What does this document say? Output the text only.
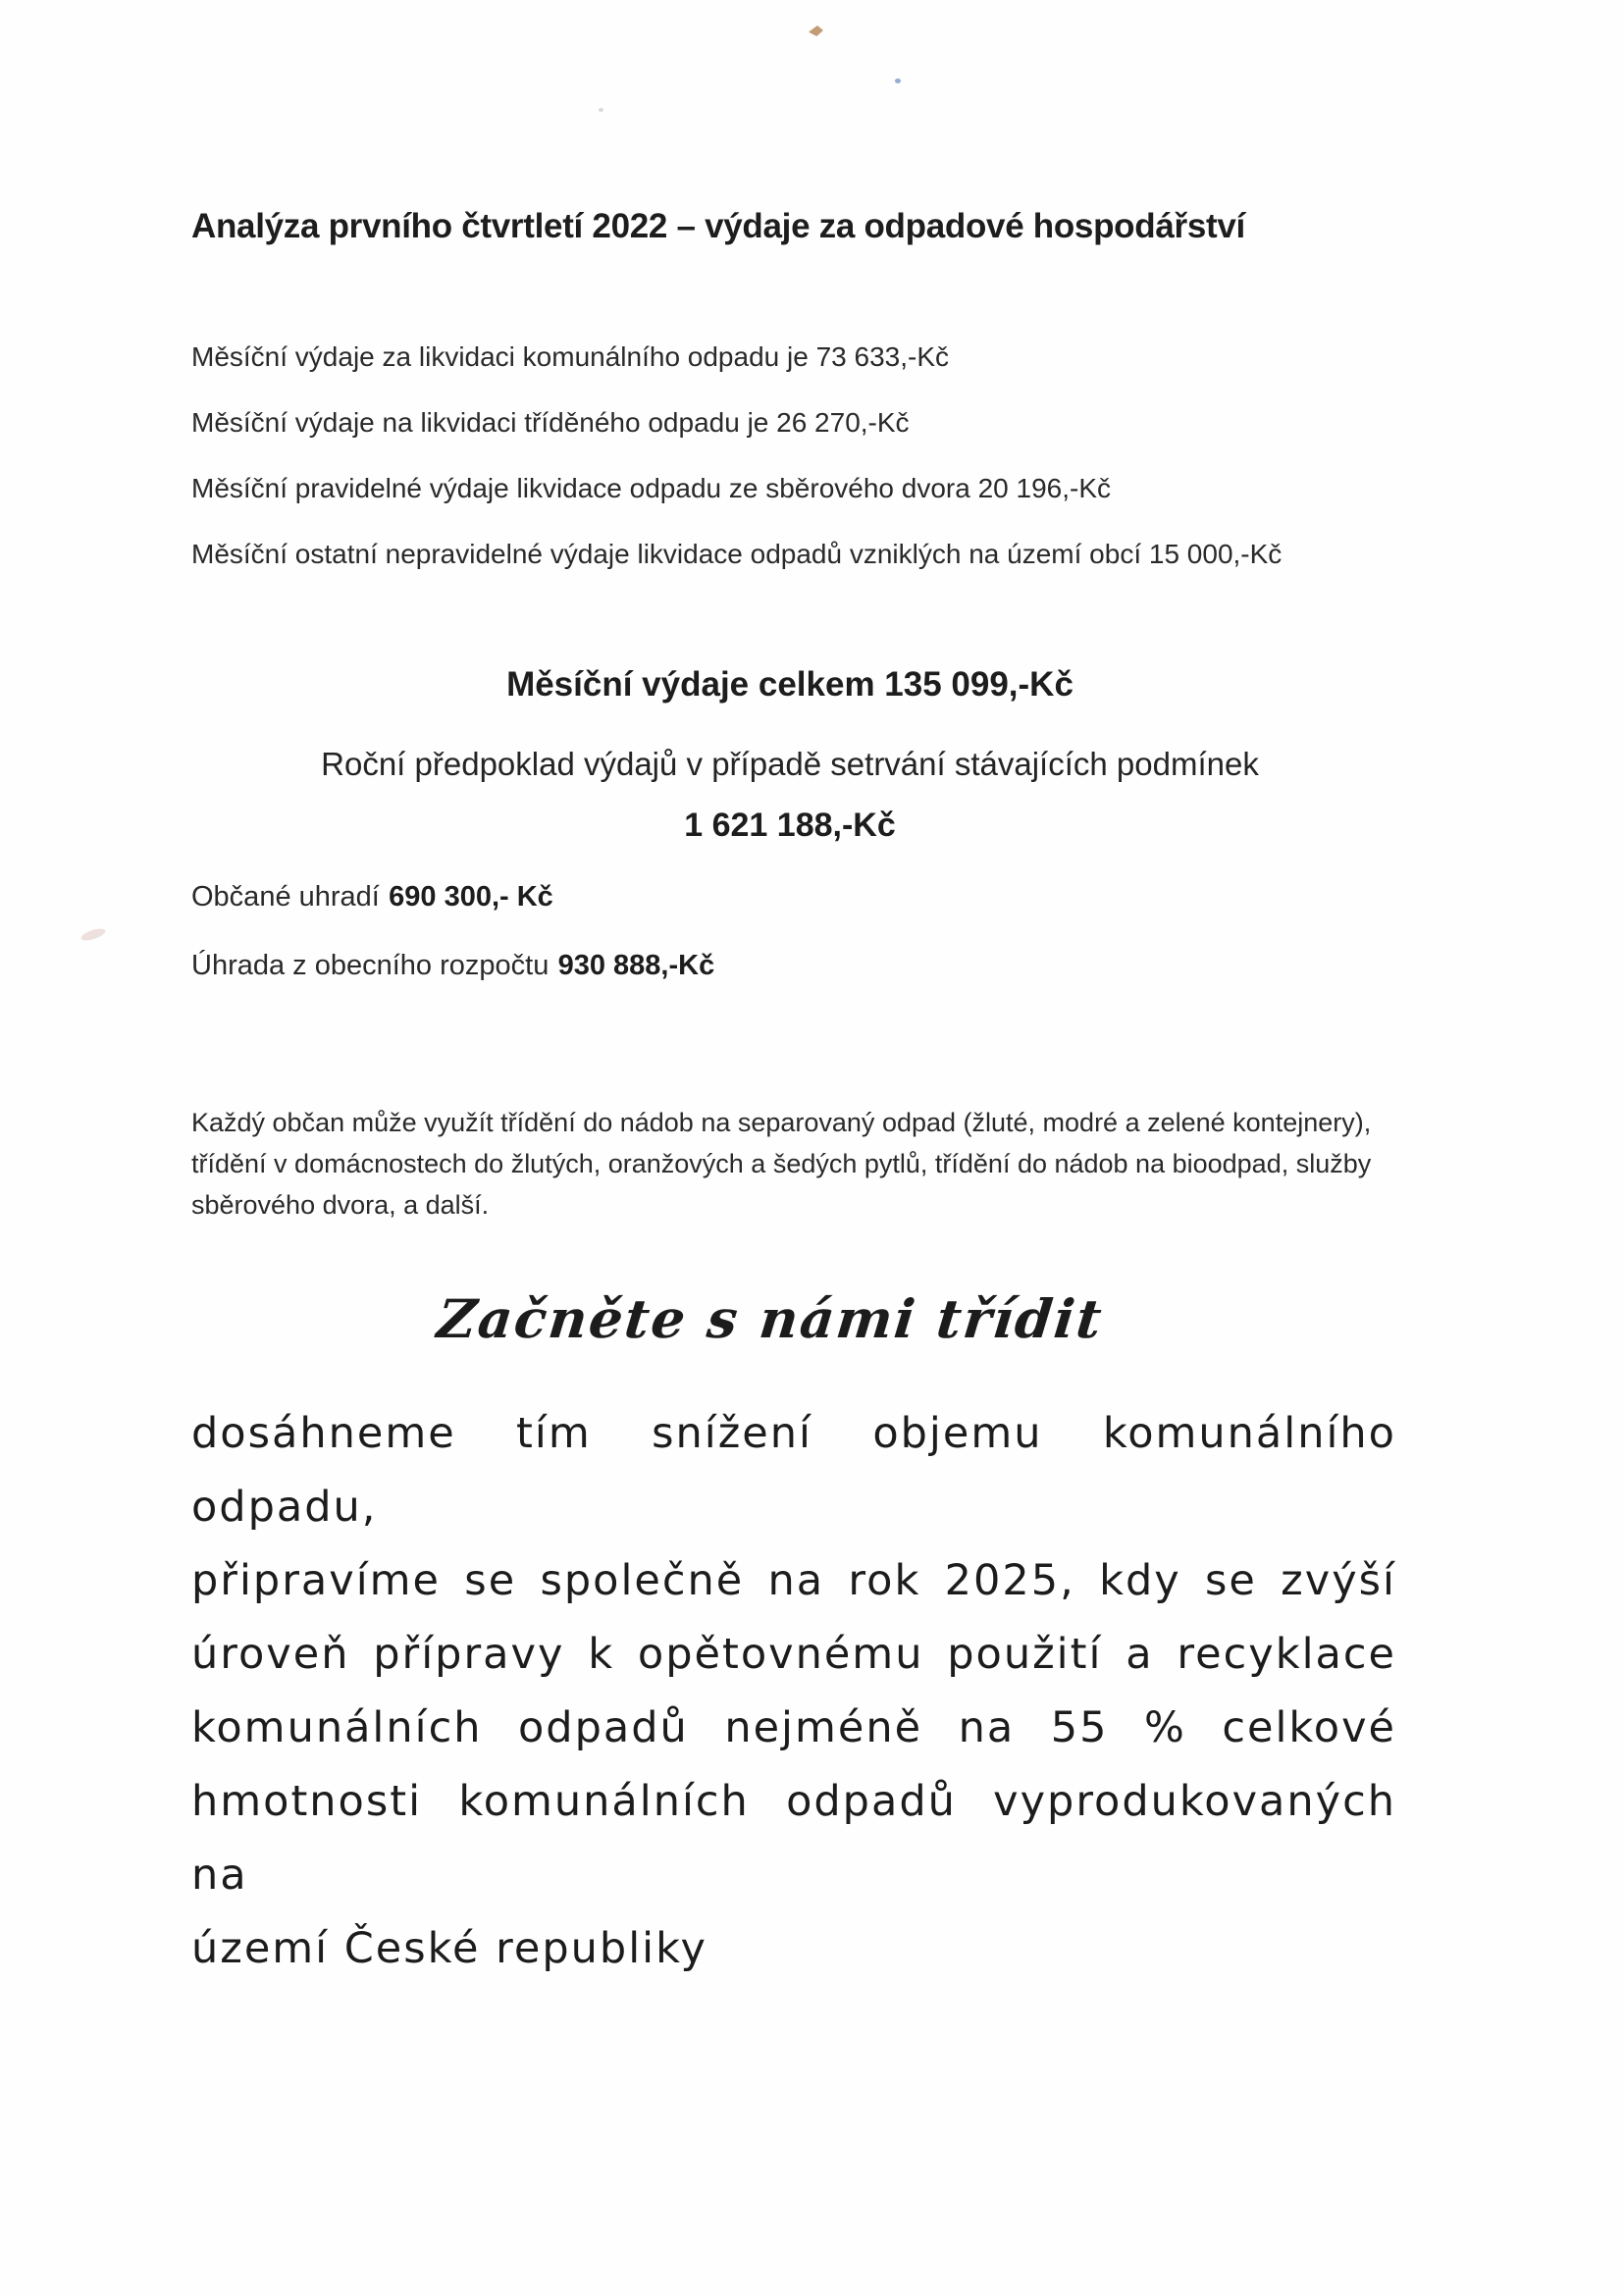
Analýza prvního čtvrtletí 2022 – výdaje za odpadové hospodářství
Měsíční výdaje za likvidaci komunálního odpadu je 73 633,-Kč
Měsíční výdaje na likvidaci tříděného odpadu je 26 270,-Kč
Měsíční pravidelné výdaje likvidace odpadu ze sběrového dvora 20 196,-Kč
Měsíční ostatní nepravidelné výdaje likvidace odpadů vzniklých na území obcí 15 000,-Kč
Měsíční výdaje celkem 135 099,-Kč
Roční předpoklad výdajů v případě setrvání stávajících podmínek
1 621 188,-Kč
Občané uhradí 690 300,- Kč
Úhrada z obecního rozpočtu 930 888,-Kč

Každý občan může využít třídění do nádob na separovaný odpad (žluté, modré a zelené kontejnery), třídění v domácnostech do žlutých, oranžových a šedých pytlů, třídění do nádob na bioodpad, služby sběrového dvora, a další.

Začněte s námi třídit
dosáhneme tím snížení objemu komunálního odpadu,
připravíme se společně na rok 2025, kdy se zvýší
úroveň přípravy k opětovnému použití a recyklace
komunálních odpadů nejméně na 55 % celkové
hmotnosti komunálních odpadů vyprodukovaných na
území České republiky
